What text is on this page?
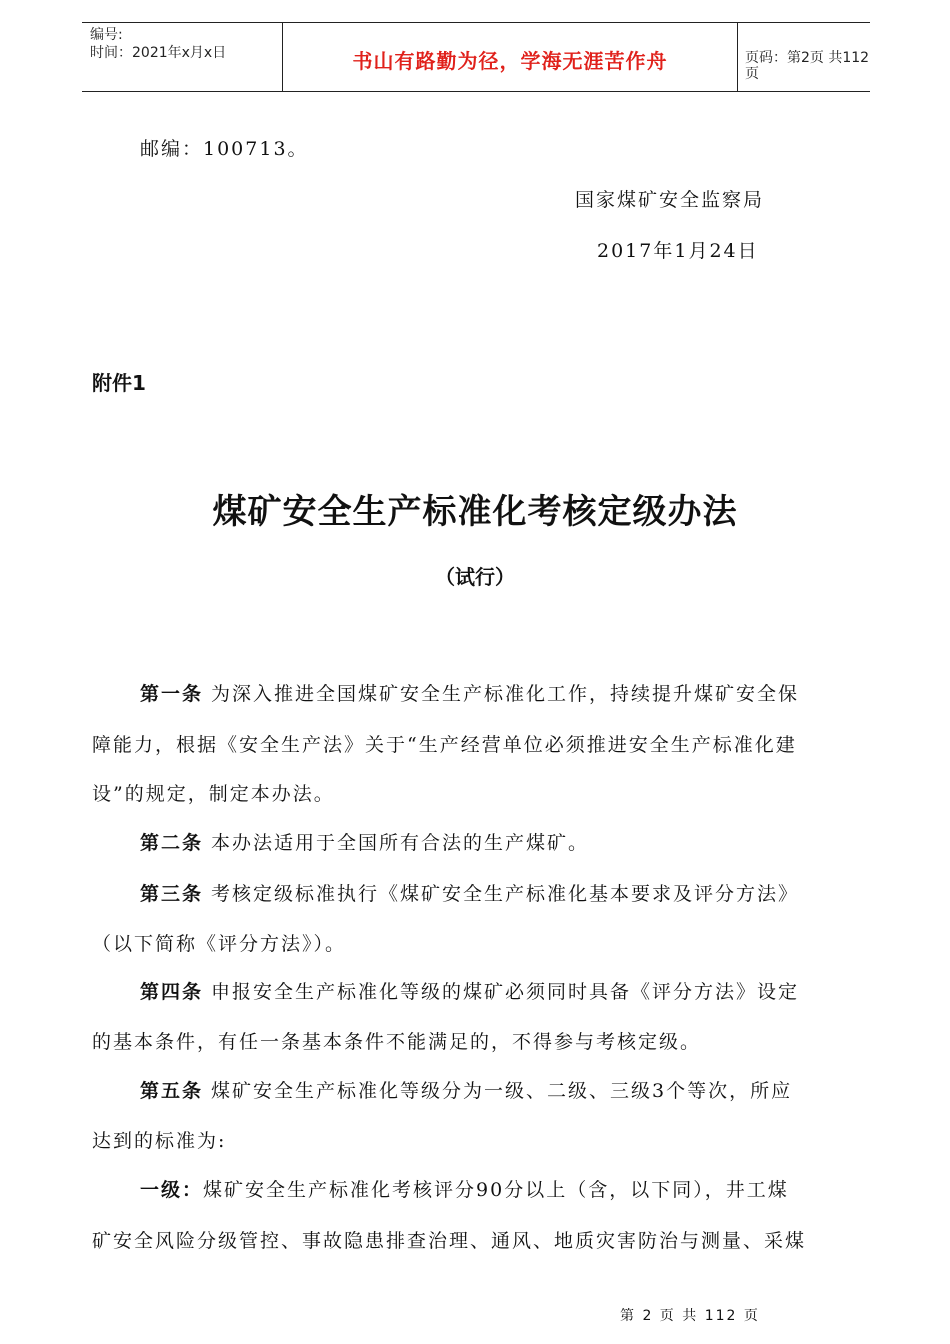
编号:
时间：2021年x月x日	书山有路勤为径，学海无涯苦作舟	页码：第2页 共112页
邮编：100713。
国家煤矿安全监察局
2017年1月24日
附件1
煤矿安全生产标准化考核定级办法
（试行）
第一条 为深入推进全国煤矿安全生产标准化工作，持续提升煤矿安全保
障能力，根据《安全生产法》关于“生产经营单位必须推进安全生产标准化建
设”的规定，制定本办法。
第二条 本办法适用于全国所有合法的生产煤矿。
第三条 考核定级标准执行《煤矿安全生产标准化基本要求及评分方法》
（以下简称《评分方法》）。
第四条 申报安全生产标准化等级的煤矿必须同时具备《评分方法》设定
的基本条件，有任一条基本条件不能满足的，不得参与考核定级。
第五条 煤矿安全生产标准化等级分为一级、二级、三级3个等次，所应
达到的标准为:
一级：煤矿安全生产标准化考核评分90分以上（含，以下同），井工煤
矿安全风险分级管控、事故隐患排查治理、通风、地质灾害防治与测量、采煤
第 2 页 共 112 页
